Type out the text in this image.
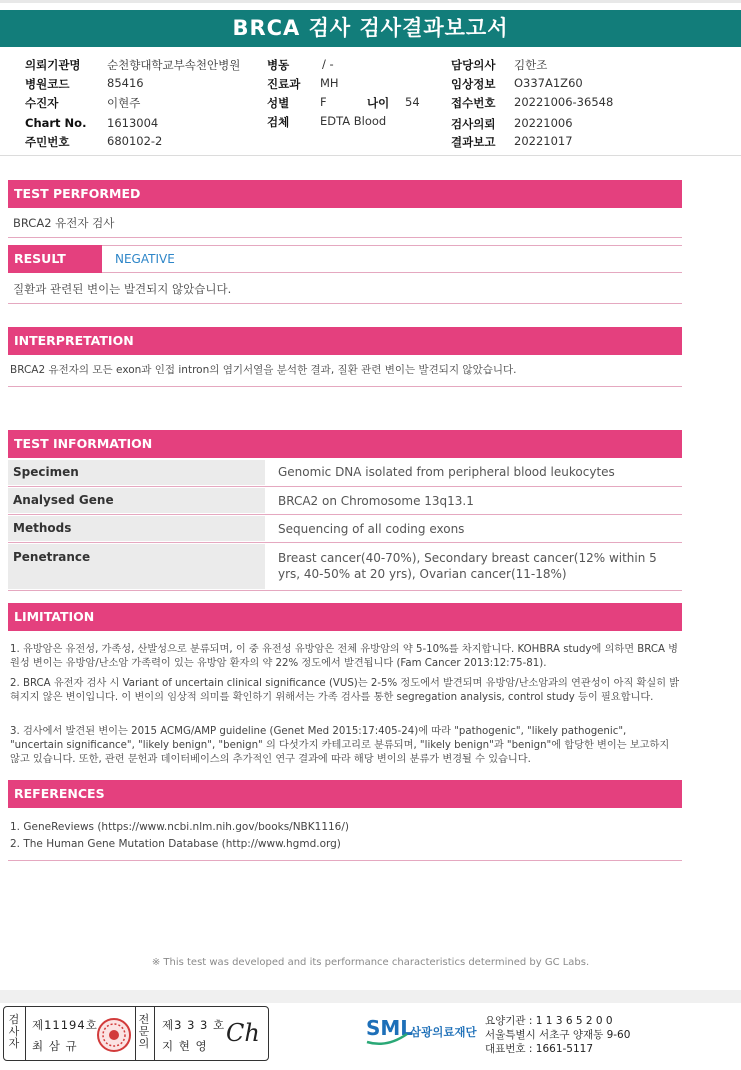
BRCA 검사 검사결과보고서
의뢰기관명 순천향대학교부속천안병원
병원코드	85416
수진자	이현주
Chart No. 1613004
주민번호	680102-2
병동	/ -
진료과 MH
성별	F	나이 54
검체	EDTA Blood
담당의사 김한조
임상정보 O337A1Z60
접수번호 20221006-36548
검사의뢰 20221006
결과보고 20221017
TEST PERFORMED
BRCA2 유전자 검사
RESULT	NEGATIVE
질환과 관련된 변이는 발견되지 않았습니다.
INTERPRETATION
BRCA2 유전자의 모든 exon과 인접 intron의 염기서열을 분석한 결과, 질환 관련 변이는 발견되지 않았습니다.
TEST INFORMATION
Specimen	Genomic DNA isolated from peripheral blood leukocytes
Analysed Gene	BRCA2 on Chromosome 13q13.1
Methods	Sequencing of all coding exons
Penetrance	Breast cancer(40-70%), Secondary breast cancer(12% within 5 yrs, 40-50% at 20 yrs), Ovarian cancer(11-18%)
LIMITATION
1. 유방암은 유전성, 가족성, 산발성으로 분류되며, 이 중 유전성 유방암은 전체 유방암의 약 5-10%를 차지합니다. KOHBRA study에 의하면 BRCA 병원성 변이는 유방암/난소암 가족력이 있는 유방암 환자의 약 22% 정도에서 발견됩니다 (Fam Cancer 2013:12:75-81).
2. BRCA 유전자 검사 시 Variant of uncertain clinical significance (VUS)는 2-5% 정도에서 발견되며 유방암/난소암과의 연관성이 아직 확실히 밝혀지지 않은 변이입니다. 이 변이의 임상적 의미를 확인하기 위해서는 가족 검사를 통한 segregation analysis, control study 등이 필요합니다.
3. 검사에서 발견된 변이는 2015 ACMG/AMP guideline (Genet Med 2015:17:405-24)에 따라 "pathogenic", "likely pathogenic", "uncertain significance", "likely benign", "benign" 의 다섯가지 카테고리로 분류되며, "likely benign"과 "benign"에 합당한 변이는 보고하지 않고 있습니다. 또한, 관련 문헌과 데이터베이스의 추가적인 연구 결과에 따라 해당 변이의 분류가 변경될 수 있습니다.
REFERENCES
1. GeneReviews (https://www.ncbi.nlm.nih.gov/books/NBK1116/)
2. The Human Gene Mutation Database (http://www.hgmd.org)
※ This test was developed and its performance characteristics determined by GC Labs.
검사자
제11194호
최 삼 규
전문의
제3 3 3 호
지 현 영 Ch	SML
삼광의료재단
요양기관 : 1 1 3 6 5 2 0 0
서울특별시 서초구 양재동 9-60
대표번호 : 1661-5117
